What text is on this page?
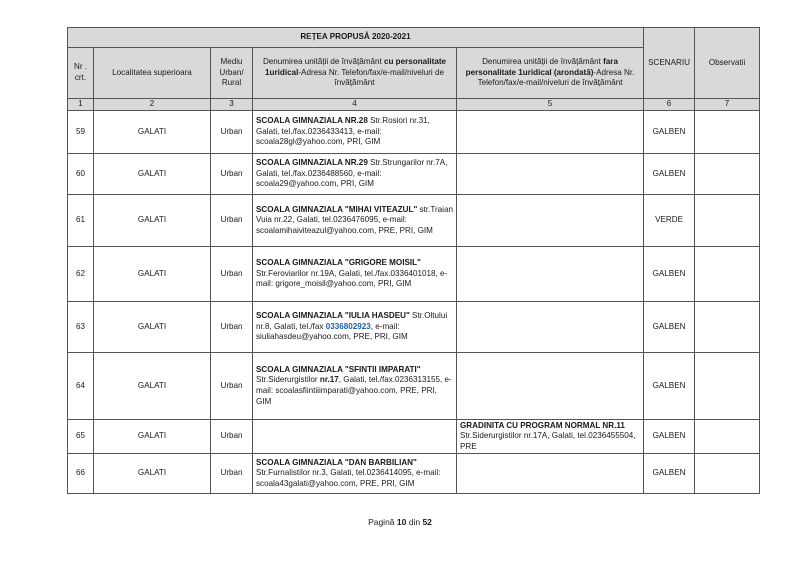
REȚEA PROPUSĂ 2020-2021					SCENARIU	Observatii
Nr . crt.	Localitatea superioara	Mediu Urban/ Rural	Denumirea unității de învățământ cu personalitate 1uridical-Adresa Nr. Telefon/fax/e-mail/niveluri de învățământ	Denumirea unității de învățământ fara personalitate 1uridical (arondată)-Adresa Nr. Telefon/fax/e-mail/niveluri de învățământ		
1	2	3	4	5	6	7
59	GALATI	Urban	SCOALA GIMNAZIALA NR.28 Str.Rosiori nr.31, Galati, tel./fax.0236433413, e-mail: scoala28gl@yahoo.com, PRI, GIM		GALBEN	
60	GALATI	Urban	SCOALA GIMNAZIALA NR.29 Str.Strungarilor nr.7A, Galati, tel./fax.0236488560, e-mail: scoala29@yahoo.com, PRI, GIM		GALBEN	
61	GALATI	Urban	SCOALA GIMNAZIALA "MIHAI VITEAZUL" str.Traian Vuia nr.22, Galati, tel.0236476095, e-mail: scoalamihaiviteazul@yahoo.com, PRE, PRI, GIM		VERDE	
62	GALATI	Urban	SCOALA GIMNAZIALA "GRIGORE MOISIL" Str.Feroviarilor nr.19A, Galati, tel./fax.0336401018, e-mail: grigore_moisil@yahoo.com, PRI, GIM		GALBEN	
63	GALATI	Urban	SCOALA GIMNAZIALA "IULIA HASDEU" Str.Oltului nr.8, Galati, tel./fax 0336802923, e-mail: siuliahasdeu@yahoo.com, PRE, PRI, GIM		GALBEN	
64	GALATI	Urban	SCOALA GIMNAZIALA "SFINTII IMPARATI" Str.Siderurgistilor nr.17, Galati, tel./fax.0236313155, e-mail: scoalasfiintiiimparati@yahoo.com, PRE, PRI, GIM		GALBEN	
65	GALATI	Urban		GRADINITA CU PROGRAM NORMAL NR.11 Str.Siderurgistilor nr.17A, Galati, tel.0236455504, PRE	GALBEN	
66	GALATI	Urban	SCOALA GIMNAZIALA "DAN BARBILIAN" Str.Furnalistilor nr.3, Galati, tel.0236414095, e-mail: scoala43galati@yahoo.com, PRE, PRI, GIM		GALBEN	
Pagină 10 din 52
